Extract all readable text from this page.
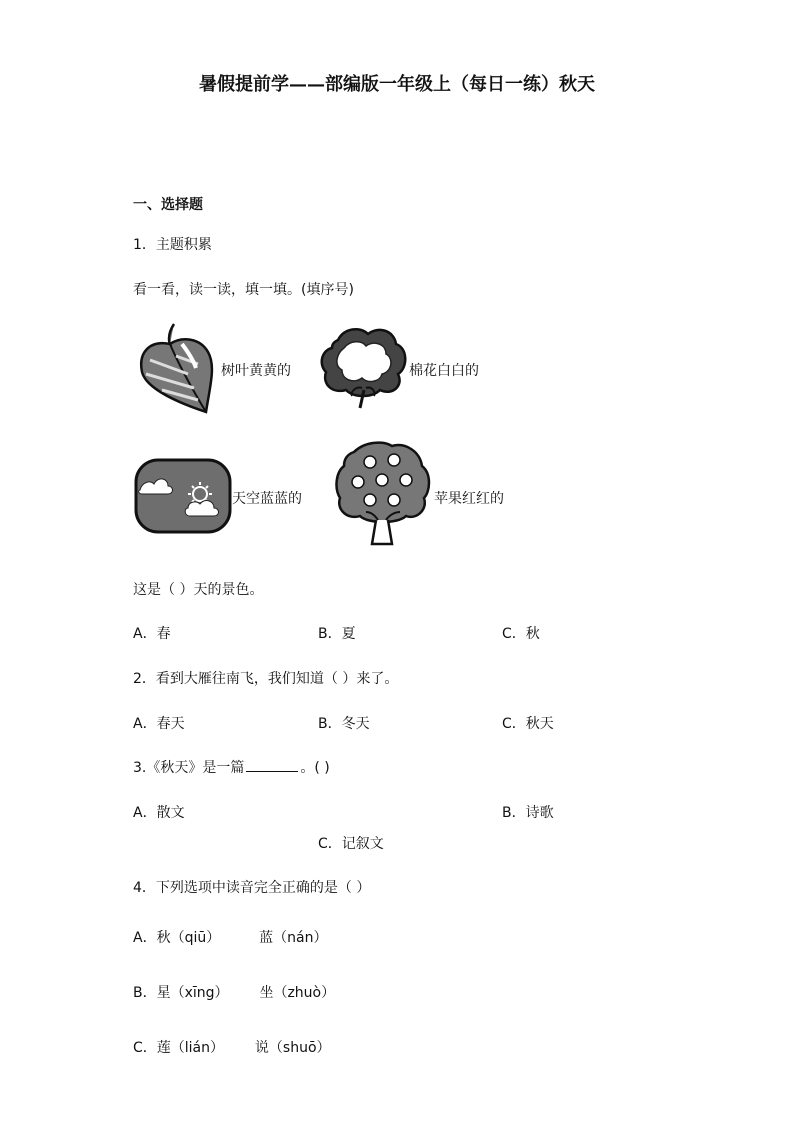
暑假提前学——部编版一年级上（每日一练）秋天
一、选择题
1．主题积累
看一看，读一读，填一填。(填序号)
树叶黄黄的	棉花白白的
天空蓝蓝的	苹果红红的
这是（ ）天的景色。
A．春	B．夏	C．秋
2．看到大雁往南飞，我们知道（ ）来了。
A．春天	B．冬天	C．秋天
3.《秋天》是一篇	。( )
A．散文	B．诗歌
C．记叙文
4．下列选项中读音完全正确的是（ ）
A．秋（qiū）	蓝（nán）
B．星（xīng） 坐（zhuò）
C．莲（lián） 说（shuō）
